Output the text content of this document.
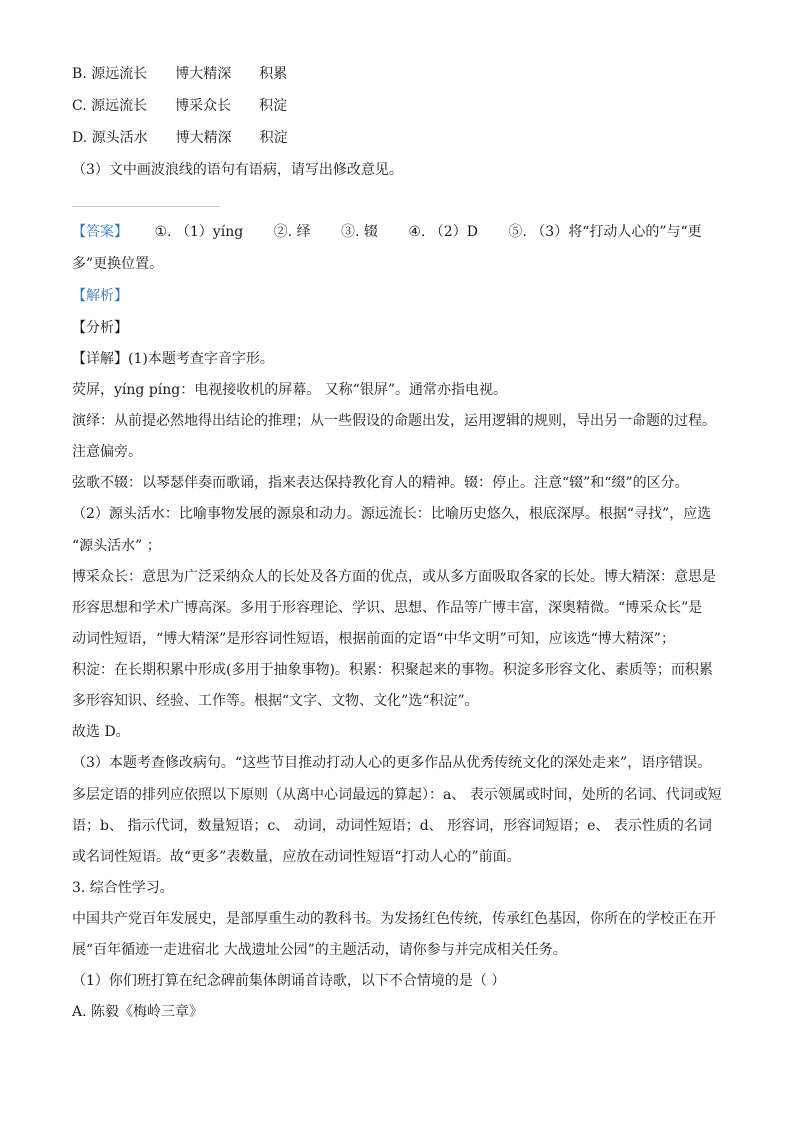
B. 源远流长　　博大精深　　积累
C. 源远流长　　博采众长　　积淀
D. 源头活水　　博大精深　　积淀
（3）文中画波浪线的语句有语病，请写出修改意见。
【答案】 ①. （1）yíng ②. 绎 ③. 辍 ④. （2）D ⑤. （3）将“打动人心的”与“更
多”更换位置。
【解析】
【分析】
【详解】(1)本题考查字音字形。
荧屏，yíng píng：电视接收机的屏幕。 又称“银屏”。通常亦指电视。
演绎：从前提必然地得出结论的推理；从一些假设的命题出发，运用逻辑的规则，导出另一命题的过程。
注意偏旁。
弦歌不辍：以琴瑟伴奏而歌诵，指来表达保持教化育人的精神。辍：停止。注意“辍”和“缀”的区分。
（2）源头活水：比喻事物发展的源泉和动力。源远流长：比喻历史悠久，根底深厚。根据“寻找”，应选
“源头活水” ；
博采众长：意思为广泛采纳众人的长处及各方面的优点，或从多方面吸取各家的长处。博大精深：意思是
形容思想和学术广博高深。多用于形容理论、学识、思想、作品等广博丰富，深奥精微。“博采众长”是
动词性短语，“博大精深”是形容词性短语，根据前面的定语“中华文明”可知，应该选“博大精深”；
积淀：在长期积累中形成(多用于抽象事物)。积累：积聚起来的事物。积淀多形容文化、素质等；而积累
多形容知识、经验、工作等。根据“文字、文物、文化”选“积淀”。
故选 D。
（3）本题考查修改病句。“这些节目推动打动人心的更多作品从优秀传统文化的深处走来”，语序错误。
多层定语的排列应依照以下原则（从离中心词最远的算起）：a、 表示领属或时间，处所的名词、代词或短
语；b、 指示代词，数量短语；c、 动词，动词性短语；d、 形容词，形容词短语；e、 表示性质的名词
或名词性短语。故“更多”表数量，应放在动词性短语“打动人心的”前面。
3. 综合性学习。
中国共产党百年发展史，是部厚重生动的教科书。为发扬红色传统，传承红色基因，你所在的学校正在开
展“百年循迹一走进宿北 大战遗址公园”的主题活动，请你参与并完成相关任务。
（1）你们班打算在纪念碑前集体朗诵首诗歌，以下不合情境的是（ ）
A. 陈毅《梅岭三章》
